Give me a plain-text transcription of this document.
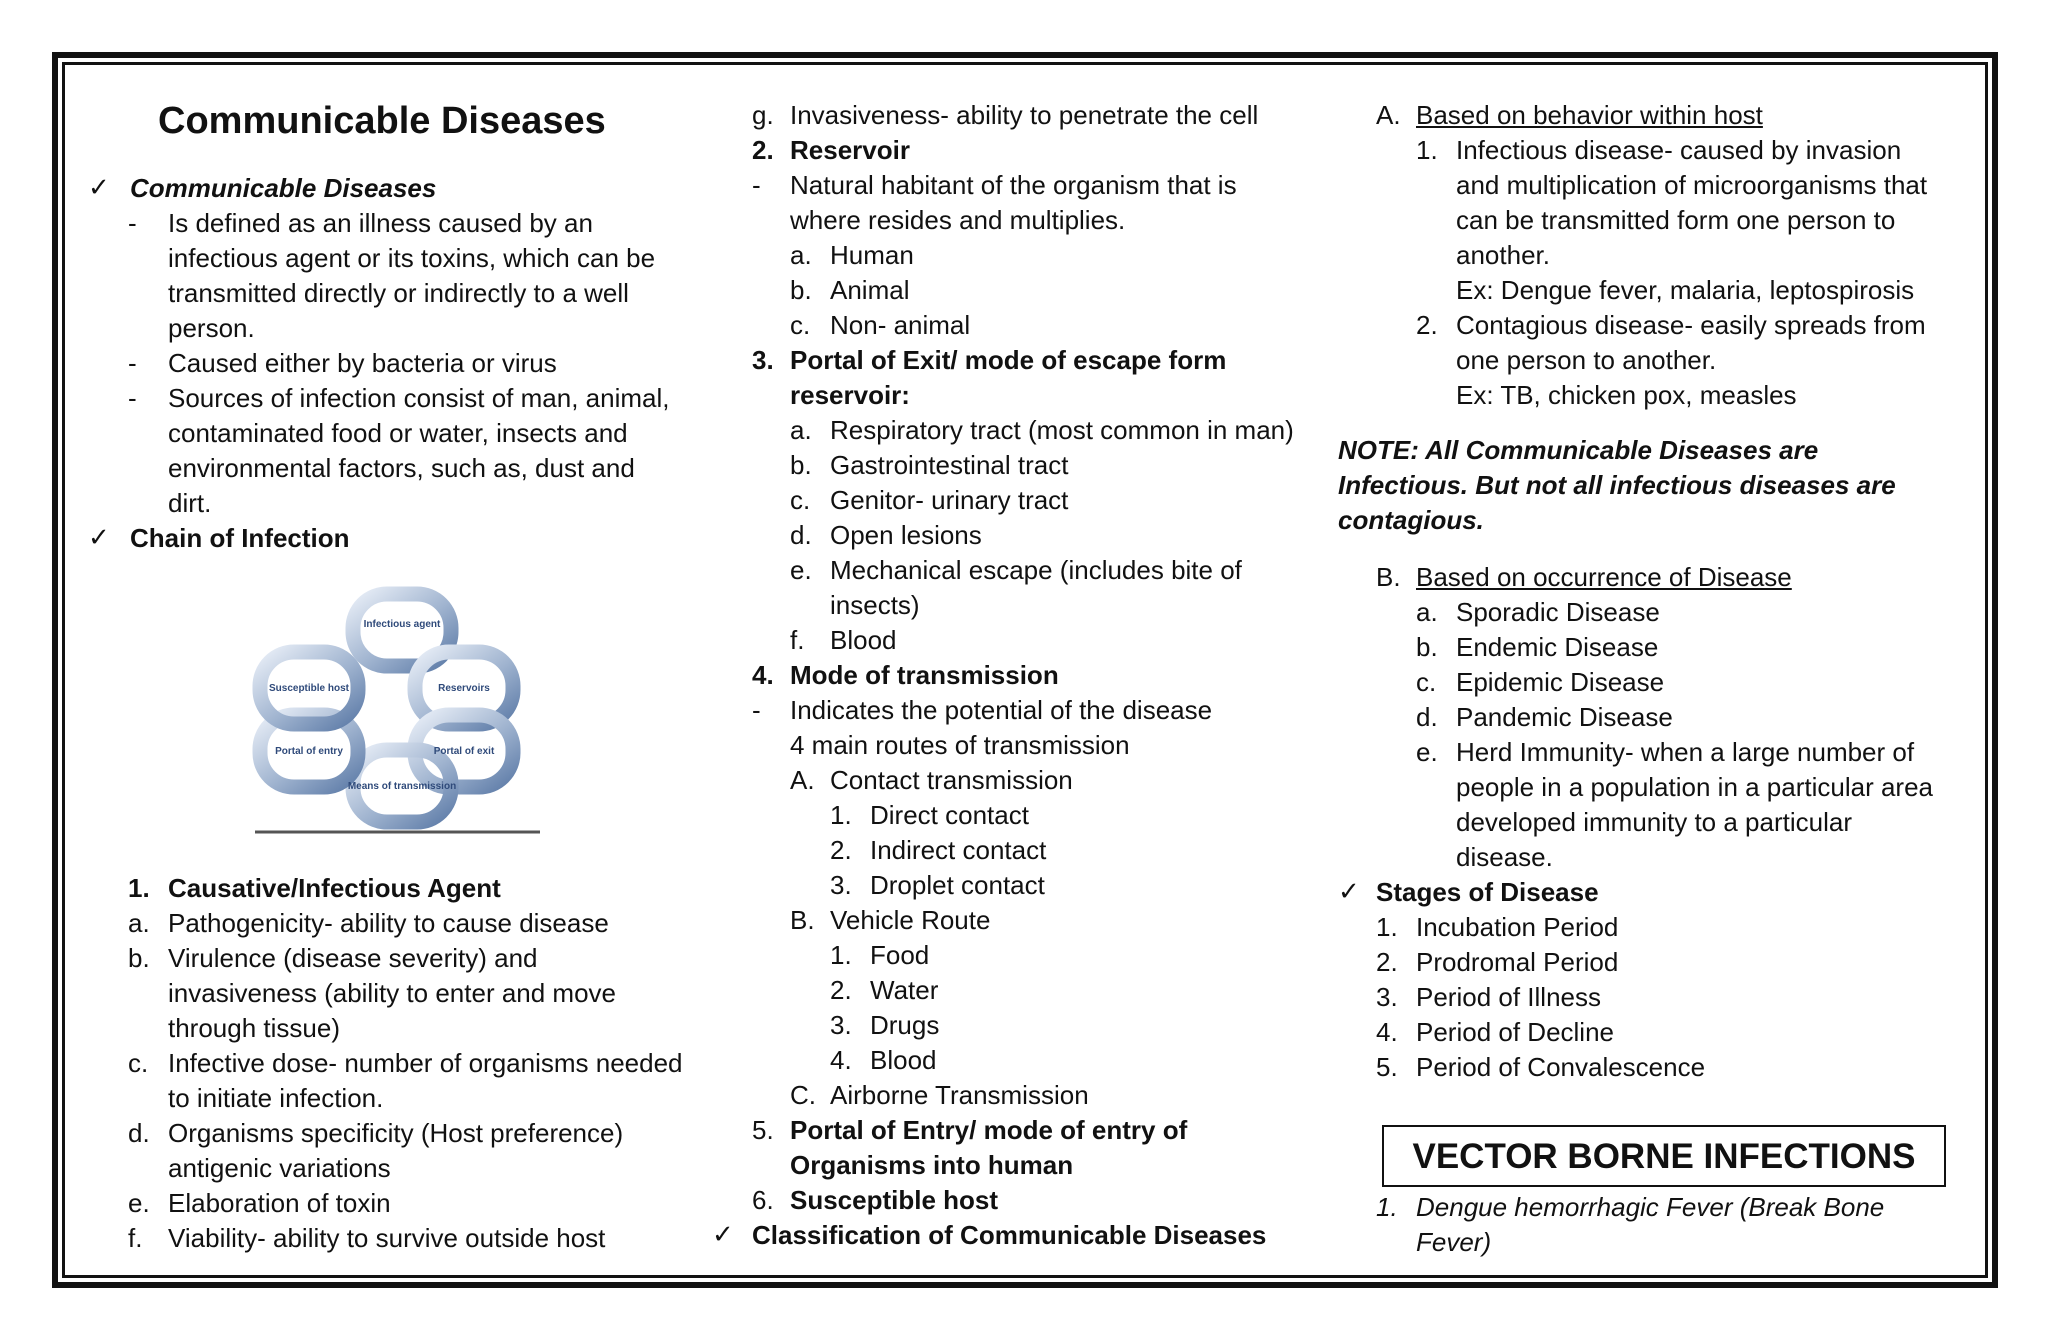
Communicable Diseases
✓ Communicable Diseases
- Is defined as an illness caused by an
infectious agent or its toxins, which can be
transmitted directly or indirectly to a well
person.
- Caused either by bacteria or virus
- Sources of infection consist of man, animal,
contaminated food or water, insects and
environmental factors, such as, dust and
dirt.
✓ Chain of Infection
Infectious agent
Reservoirs
Portal of exit
Means of transmission
Portal of entry
Susceptible host
1. Causative/Infectious Agent
a. Pathogenicity- ability to cause disease
b. Virulence (disease severity) and
invasiveness (ability to enter and move
through tissue)
c. Infective dose- number of organisms needed
to initiate infection.
d. Organisms specificity (Host preference)
antigenic variations
e. Elaboration of toxin
f. Viability- ability to survive outside host
g. Invasiveness- ability to penetrate the cell
2. Reservoir
- Natural habitant of the organism that is
where resides and multiplies.
a. Human
b. Animal
c. Non- animal
3. Portal of Exit/ mode of escape form
reservoir:
a. Respiratory tract (most common in man)
b. Gastrointestinal tract
c. Genitor- urinary tract
d. Open lesions
e. Mechanical escape (includes bite of
insects)
f. Blood
4. Mode of transmission
- Indicates the potential of the disease
4 main routes of transmission
A. Contact transmission
1. Direct contact
2. Indirect contact
3. Droplet contact
B. Vehicle Route
1. Food
2. Water
3. Drugs
4. Blood
C. Airborne Transmission
5. Portal of Entry/ mode of entry of
Organisms into human
6. Susceptible host
✓ Classification of Communicable Diseases
A. Based on behavior within host
1. Infectious disease- caused by invasion
and multiplication of microorganisms that
can be transmitted form one person to
another.
Ex: Dengue fever, malaria, leptospirosis
2. Contagious disease- easily spreads from
one person to another.
Ex: TB, chicken pox, measles
NOTE: All Communicable Diseases are
Infectious. But not all infectious diseases are
contagious.
B. Based on occurrence of Disease
a. Sporadic Disease
b. Endemic Disease
c. Epidemic Disease
d. Pandemic Disease
e. Herd Immunity- when a large number of
people in a population in a particular area
developed immunity to a particular
disease.
✓ Stages of Disease
1. Incubation Period
2. Prodromal Period
3. Period of Illness
4. Period of Decline
5. Period of Convalescence
VECTOR BORNE INFECTIONS
1. Dengue hemorrhagic Fever (Break Bone
Fever)
